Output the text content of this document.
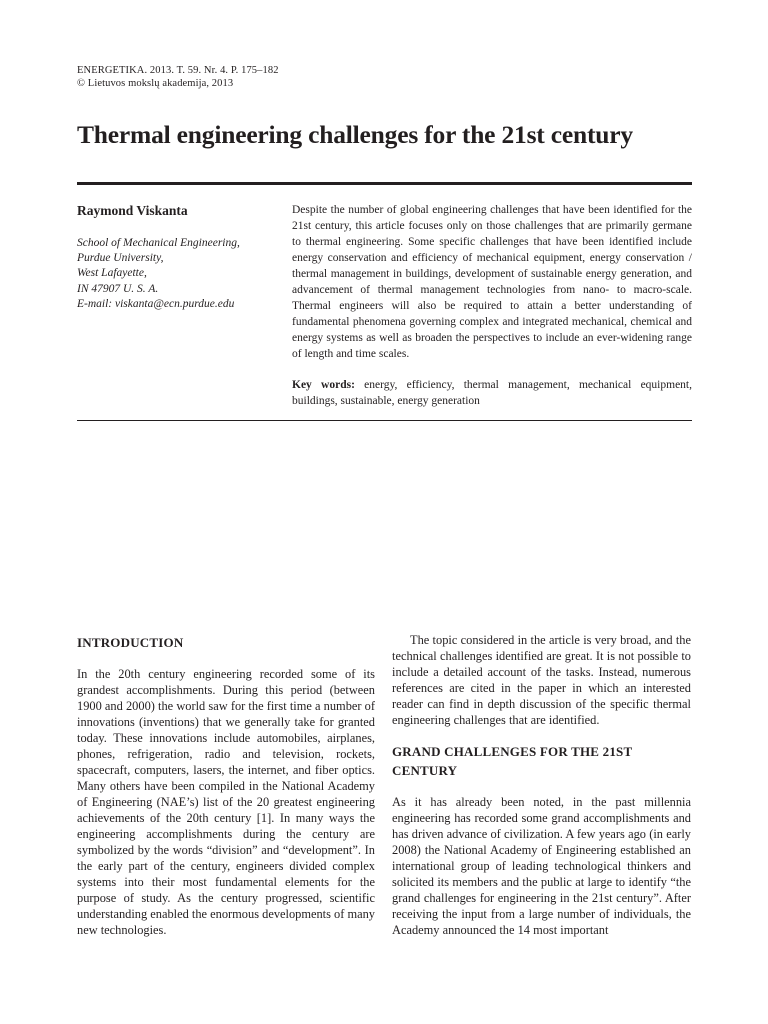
ENERGETIKA. 2013. T. 59. Nr. 4. P. 175–182
© Lietuvos mokslų akademija, 2013
Thermal engineering challenges for the 21st century
Raymond Viskanta
School of Mechanical Engineering,
Purdue University,
West Lafayette,
IN 47907 U. S. A.
E-mail: viskanta@ecn.purdue.edu
Despite the number of global engineering challenges that have been identified for the 21st century, this article focuses only on those challenges that are primarily germane to thermal engineering. Some specific challenges that have been identified include energy conservation and efficiency of mechanical equipment, energy conservation / thermal management in buildings, development of sustainable energy generation, and advancement of thermal management technologies from nano- to macro-scale. Thermal engineers will also be required to attain a better understanding of fundamental phenomena governing complex and integrated mechanical, chemical and energy systems as well as broaden the perspectives to include an ever-widening range of length and time scales.
Key words: energy, efficiency, thermal management, mechanical equipment, buildings, sustainable, energy generation
INTRODUCTION
In the 20th century engineering recorded some of its grandest accomplishments. During this period (between 1900 and 2000) the world saw for the first time a number of innovations (inventions) that we generally take for granted today. These innovations include automobiles, airplanes, phones, refrigeration, radio and television, rockets, spacecraft, computers, lasers, the internet, and fiber optics. Many others have been compiled in the National Academy of Engineering (NAE’s) list of the 20 greatest engineering achievements of the 20th century [1]. In many ways the engineering accomplishments during the century are symbolized by the words “division” and “development”. In the early part of the century, engineers divided complex systems into their most fundamental elements for the purpose of study. As the century progressed, scientific understanding enabled the enormous developments of many new technologies.
The topic considered in the article is very broad, and the technical challenges identified are great. It is not possible to include a detailed account of the tasks. Instead, numerous references are cited in the paper in which an interested reader can find in depth discussion of the specific thermal engineering challenges that are identified.
GRAND CHALLENGES FOR THE 21ST CENTURY
As it has already been noted, in the past millennia engineering has recorded some grand accomplishments and has driven advance of civilization. A few years ago (in early 2008) the National Academy of Engineering established an international group of leading technological thinkers and solicited its members and the public at large to identify “the grand challenges for engineering in the 21st century”. After receiving the input from a large number of individuals, the Academy announced the 14 most important
